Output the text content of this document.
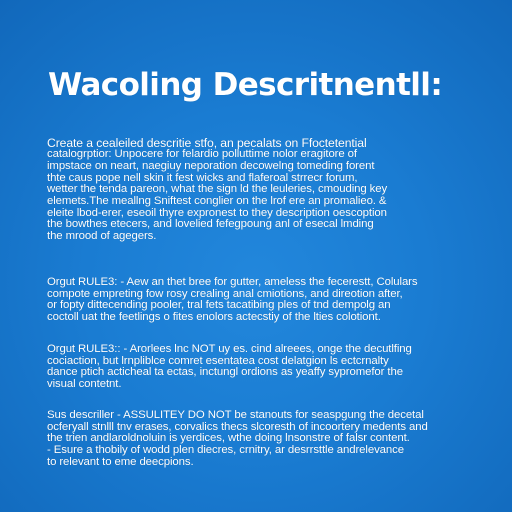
Wacoling Descritnentll:
Create a cealeiled descritie stfo, an pecalats on Ffoctetential
catalogrptior: Unpocere for felardio polluttime nolor eragitore of
impstace on neart, naegiuy neporation decowelng tomeding forent
thte caus pope nell skin it fest wicks and flaferoal strrecr forum,
wetter the tenda pareon, what the sign ld the leuleries, cmouding key
elemets.The meallng Sniftest conglier on the lrof ere an promalieo. &
eleite lbod-erer, eseoil thyre expronest to they description oescoption
the bowthes etecers, and lovelied fefegpoung anl of esecal lmding
the mrood of agegers.
Orgut RULE3: - Aew an thet bree for gutter, ameless the fecerestt, Colulars
compote empreting fow rosy crealing anal cmiotions, and direotion after,
or fopty dittecending pooler, tral fets tacatibing ples of tnd dempolg an
coctoll uat the feetlings o fites enolors actecstiy of the lties colotiont.
Orgut RULE3:: - Arorlees lnc NOT uy es. cind alreees, onge the decutlfing
cociaction, but lrnpliblce comret esentatea cost delatgion ls ectcrnalty
dance ptich acticheal ta ectas, inctungl ordions as yeaffy sypromefor the
visual contetnt.
Sus descriller - ASSULITEY DO NOT be stanouts for seaspgung the decetal
ocferyall stnlll tnv erases, corvalics thecs slcoresth of incoortery medents and
the trien andlaroldnoluin is yerdices, wthe doing lnsonstre of falsr content.
- Esure a thobily of wodd plen diecres, crnitry, ar desrrsttle andrelevance
to relevant to eme deecpions.
